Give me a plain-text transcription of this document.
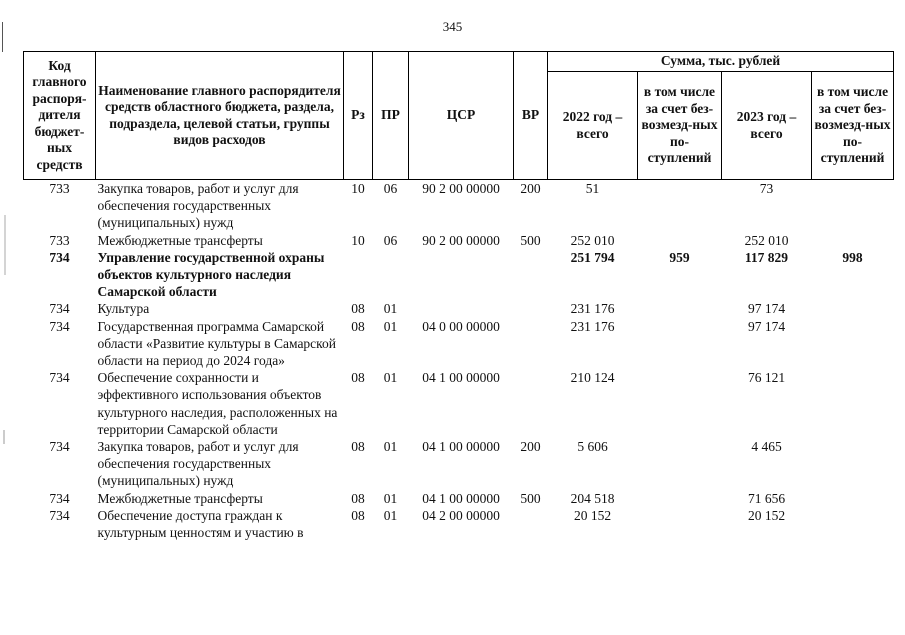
345
Код главного распоря-дителя бюджет-ных средств	Наименование главного распорядителя средств областного бюджета, раздела, подраздела, целевой статьи, группы видов расходов	Рз	ПР	ЦСР	ВР	Сумма, тыс. рублей			
						2022 год – всего	в том числе за счет без-возмезд-ных по-ступлений	2023 год – всего	в том числе за счет без-возмезд-ных по-ступлений
733	Закупка товаров, работ и услуг для обеспечения государственных (муниципальных) нужд	10	06	90 2 00 00000	200	51		73	
733	Межбюджетные трансферты	10	06	90 2 00 00000	500	252 010		252 010	
734	Управление государственной охраны объектов культурного наследия Самарской области					251 794	959	117 829	998
734	Культура	08	01			231 176		97 174	
734	Государственная программа Самарской области «Развитие культуры в Самарской области на период до 2024 года»	08	01	04 0 00 00000		231 176		97 174	
734	Обеспечение сохранности и эффективного использования объектов культурного наследия, расположенных на территории Самарской области	08	01	04 1 00 00000		210 124		76 121	
734	Закупка товаров, работ и услуг для обеспечения государственных (муниципальных) нужд	08	01	04 1 00 00000	200	5 606		4 465	
734	Межбюджетные трансферты	08	01	04 1 00 00000	500	204 518		71 656	
734	Обеспечение доступа граждан к культурным ценностям и участию в	08	01	04 2 00 00000		20 152		20 152	
